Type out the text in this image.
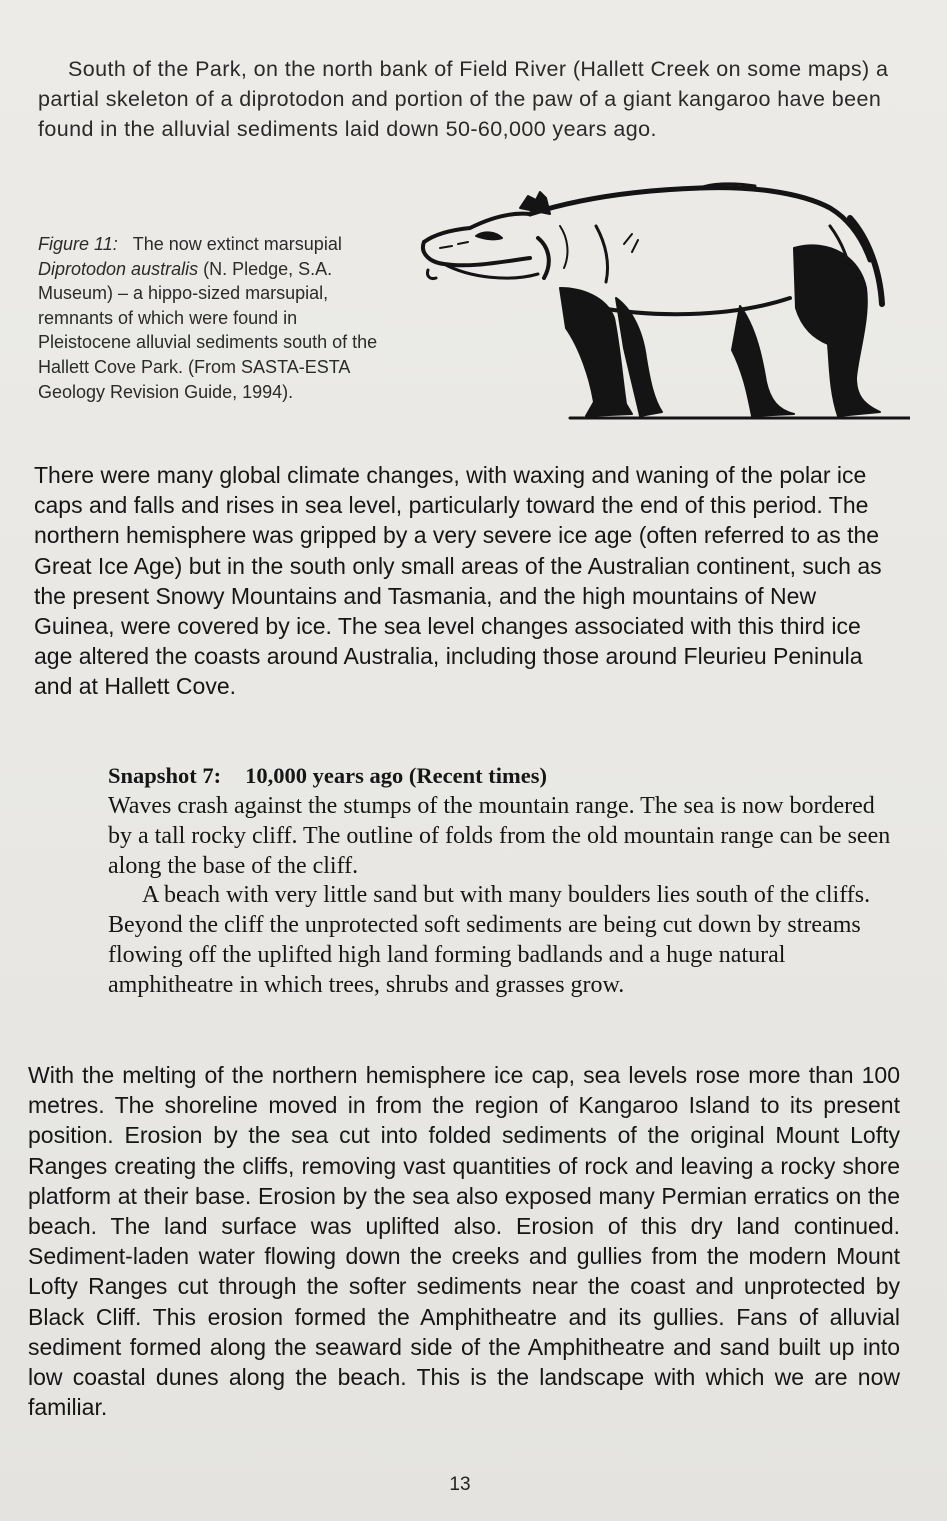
South of the Park, on the north bank of Field River (Hallett Creek on some maps) a partial skeleton of a diprotodon and portion of the paw of a giant kangaroo have been found in the alluvial sediments laid down 50-60,000 years ago.

Figure 11: The now extinct marsupial Diprotodon australis (N. Pledge, S.A. Museum) – a hippo-sized marsupial, remnants of which were found in Pleistocene alluvial sediments south of the Hallett Cove Park. (From SASTA-ESTA Geology Revision Guide, 1994).

There were many global climate changes, with waxing and waning of the polar ice caps and falls and rises in sea level, particularly toward the end of this period. The northern hemisphere was gripped by a very severe ice age (often referred to as the Great Ice Age) but in the south only small areas of the Australian continent, such as the present Snowy Mountains and Tasmania, and the high mountains of New Guinea, were covered by ice. The sea level changes associated with this third ice age altered the coasts around Australia, including those around Fleurieu Peninula and at Hallett Cove.

Snapshot 7: 10,000 years ago (Recent times)

Waves crash against the stumps of the mountain range. The sea is now bordered by a tall rocky cliff. The outline of folds from the old mountain range can be seen along the base of the cliff.

A beach with very little sand but with many boulders lies south of the cliffs. Beyond the cliff the unprotected soft sediments are being cut down by streams flowing off the uplifted high land forming badlands and a huge natural amphitheatre in which trees, shrubs and grasses grow.

With the melting of the northern hemisphere ice cap, sea levels rose more than 100 metres. The shoreline moved in from the region of Kangaroo Island to its present position. Erosion by the sea cut into folded sediments of the original Mount Lofty Ranges creating the cliffs, removing vast quantities of rock and leaving a rocky shore platform at their base. Erosion by the sea also exposed many Permian erratics on the beach. The land surface was uplifted also. Erosion of this dry land continued. Sediment-laden water flowing down the creeks and gullies from the modern Mount Lofty Ranges cut through the softer sediments near the coast and unprotected by Black Cliff. This erosion formed the Amphitheatre and its gullies. Fans of alluvial sediment formed along the seaward side of the Amphitheatre and sand built up into low coastal dunes along the beach. This is the landscape with which we are now familiar.

13
